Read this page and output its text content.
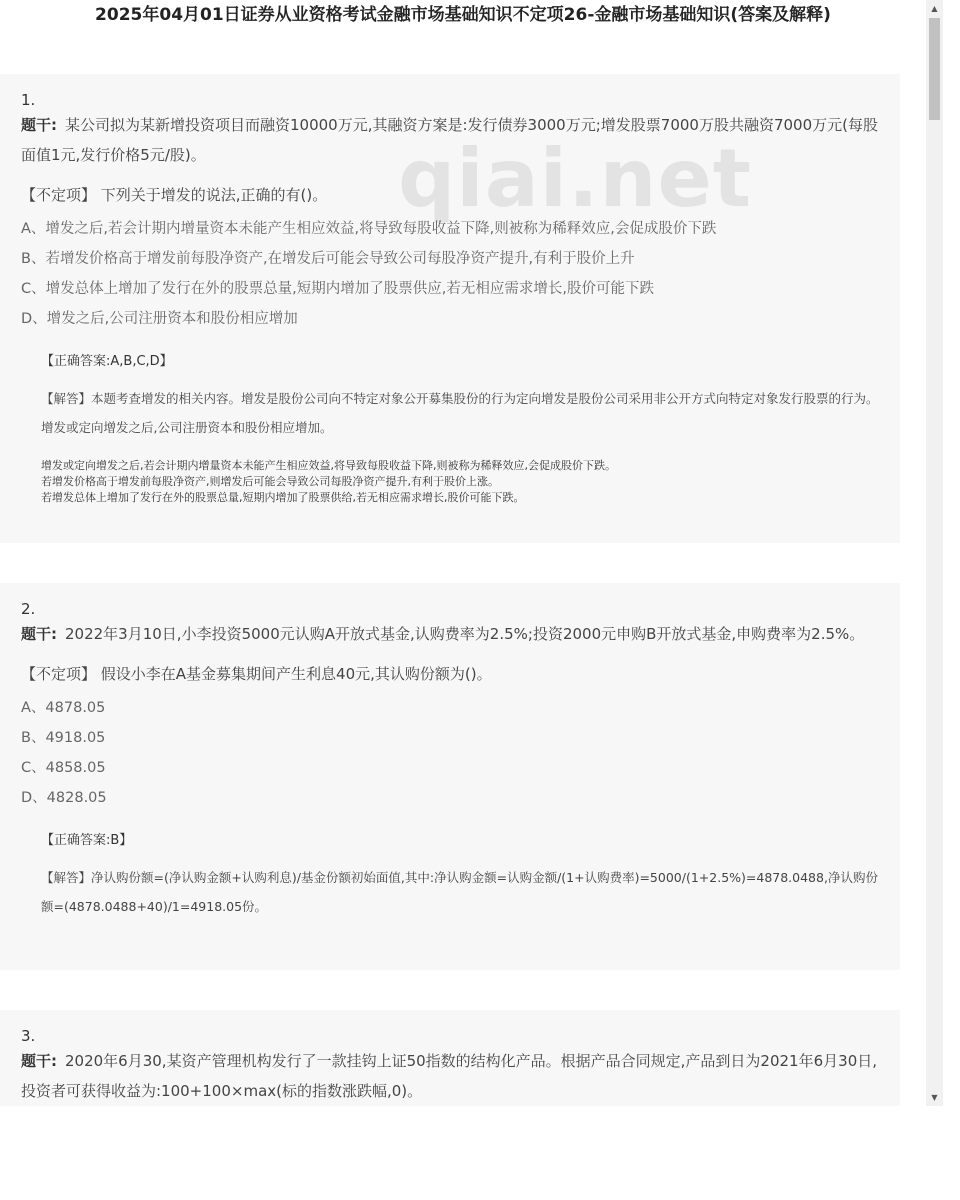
2025年04月01日证券从业资格考试金融市场基础知识不定项26-金融市场基础知识(答案及解释)
1.
题干: 某公司拟为某新增投资项目而融资10000万元,其融资方案是:发行债券3000万元;增发股票7000万股共融资7000万元(每股面值1元,发行价格5元/股)。
【不定项】 下列关于增发的说法,正确的有()。
A、增发之后,若会计期内增量资本未能产生相应效益,将导致每股收益下降,则被称为稀释效应,会促成股价下跌
B、若增发价格高于增发前每股净资产,在增发后可能会导致公司每股净资产提升,有利于股价上升
C、增发总体上增加了发行在外的股票总量,短期内增加了股票供应,若无相应需求增长,股价可能下跌
D、增发之后,公司注册资本和股份相应增加
【正确答案:A,B,C,D】
【解答】本题考查增发的相关内容。增发是股份公司向不特定对象公开募集股份的行为定向增发是股份公司采用非公开方式向特定对象发行股票的行为。增发或定向增发之后,公司注册资本和股份相应增加。
增发或定向增发之后,若会计期内增量资本未能产生相应效益,将导致每股收益下降,则被称为稀释效应,会促成股价下跌。
若增发价格高于增发前每股净资产,则增发后可能会导致公司每股净资产提升,有利于股价上涨。
若增发总体上增加了发行在外的股票总量,短期内增加了股票供给,若无相应需求增长,股价可能下跌。
2.
题干: 2022年3月10日,小李投资5000元认购A开放式基金,认购费率为2.5%;投资2000元申购B开放式基金,申购费率为2.5%。
【不定项】 假设小李在A基金募集期间产生利息40元,其认购份额为()。
A、4878.05
B、4918.05
C、4858.05
D、4828.05
【正确答案:B】
【解答】净认购份额=(净认购金额+认购利息)/基金份额初始面值,其中:净认购金额=认购金额/(1+认购费率)=5000/(1+2.5%)=4878.0488,净认购份额=(4878.0488+40)/1=4918.05份。
3.
题干: 2020年6月30,某资产管理机构发行了一款挂钩上证50指数的结构化产品。根据产品合同规定,产品到日为2021年6月30日,投资者可获得收益为:100+100×max(标的指数涨跌幅,0)。
▲
▼
